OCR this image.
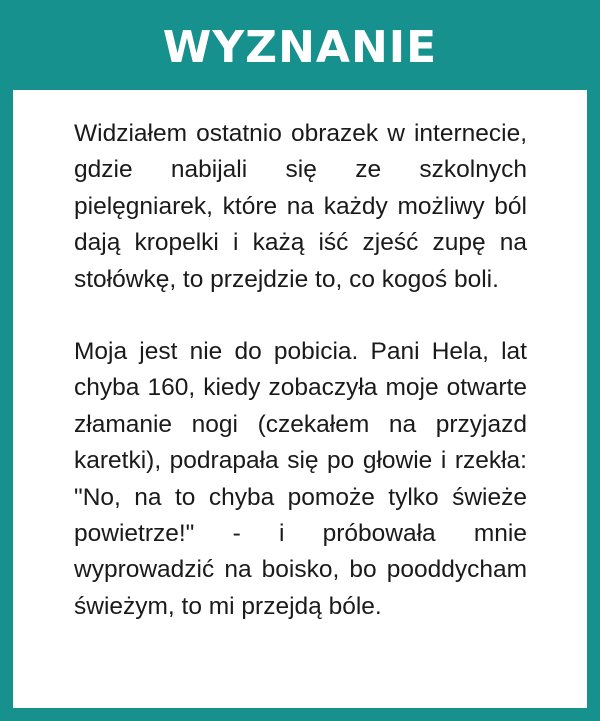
WYZNANIE

Widziałem ostatnio obrazek w internecie, gdzie nabijali się ze szkolnych pielęgniarek, które na każdy możliwy ból dają kropelki i każą iść zjeść zupę na stołówkę, to przejdzie to, co kogoś boli.

Moja jest nie do pobicia. Pani Hela, lat chyba 160, kiedy zobaczyła moje otwarte złamanie nogi (czekałem na przyjazd karetki), podrapała się po głowie i rzekła: "No, na to chyba pomoże tylko świeże powietrze!" - i próbowała mnie wyprowadzić na boisko, bo pooddycham świeżym, to mi przejdą bóle.
